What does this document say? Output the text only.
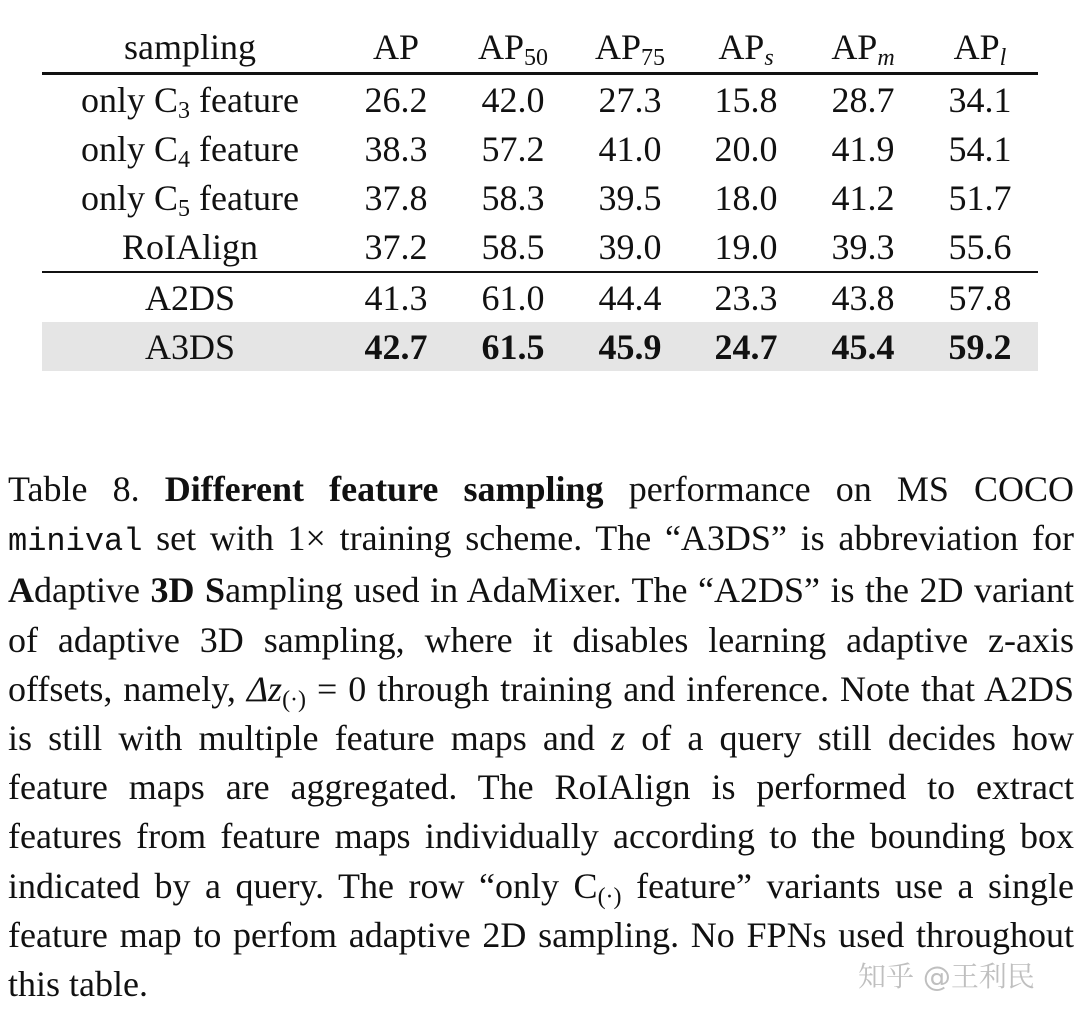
sampling	AP	$AP_{50}$	$AP_{75}$	APs	APm	APl
only $C_3$ feature	26.2	42.0	27.3	15.8	28.7	34.1
only $C_4$ feature	38.3	57.2	41.0	20.0	41.9	54.1
only $C_5$ feature	37.8	58.3	39.5	18.0	41.2	51.7
RoIAlign	37.2	58.5	39.0	19.0	39.3	55.6
A2DS	41.3	61.0	44.4	23.3	43.8	57.8
A3DS	42.7	61.5	45.9	24.7	45.4	59.2
Table 8. Different feature sampling performance on MS COCO minival set with 1× training scheme. The “A3DS” is abbreviation for Adaptive 3D Sampling used in AdaMixer. The “A2DS” is the 2D variant of adaptive 3D sampling, where it disables learning adaptive z-axis offsets, namely, $\Delta z_{(\cdot)} = 0$ through training and inference. Note that A2DS is still with multiple feature maps and z of a query still decides how feature maps are aggregated. The RoIAlign is performed to extract features from feature maps individually according to the bounding box indicated by a query. The row “only $C_{(\cdot)}$ feature” variants use a single feature map to perfom adaptive 2D sampling. No FPNs used throughout this table.	知乎 @王利民
